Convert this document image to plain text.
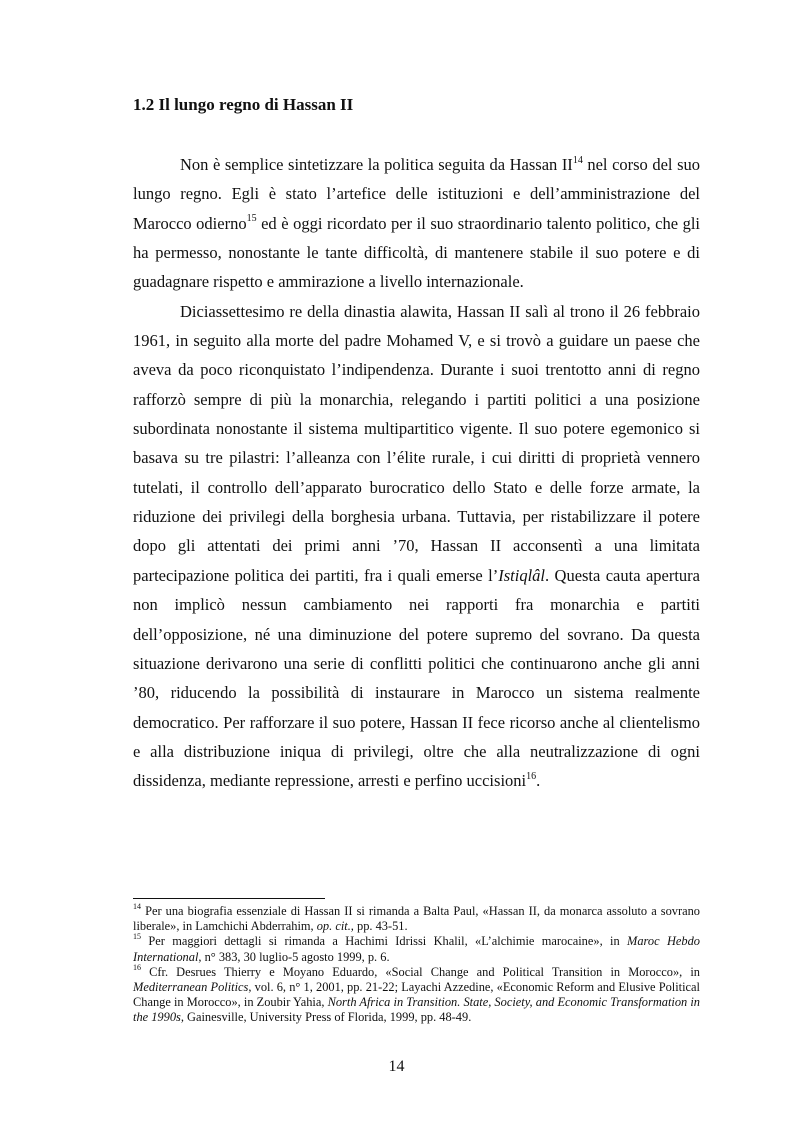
1.2 Il lungo regno di Hassan II

Non è semplice sintetizzare la politica seguita da Hassan II$^{14}$ nel corso del suo lungo regno. Egli è stato l’artefice delle istituzioni e dell’amministrazione del Marocco odierno$^{15}$ ed è oggi ricordato per il suo straordinario talento politico, che gli ha permesso, nonostante le tante difficoltà, di mantenere stabile il suo potere e di guadagnare rispetto e ammirazione a livello internazionale.

Diciassettesimo re della dinastia alawita, Hassan II salì al trono il 26 febbraio 1961, in seguito alla morte del padre Mohamed V, e si trovò a guidare un paese che aveva da poco riconquistato l’indipendenza. Durante i suoi trentotto anni di regno rafforzò sempre di più la monarchia, relegando i partiti politici a una posizione subordinata nonostante il sistema multipartitico vigente. Il suo potere egemonico si basava su tre pilastri: l’alleanza con l’élite rurale, i cui diritti di proprietà vennero tutelati, il controllo dell’apparato burocratico dello Stato e delle forze armate, la riduzione dei privilegi della borghesia urbana. Tuttavia, per ristabilizzare il potere dopo gli attentati dei primi anni ’70, Hassan II acconsentì a una limitata partecipazione politica dei partiti, fra i quali emerse l’Istiqlâl. Questa cauta apertura non implicò nessun cambiamento nei rapporti fra monarchia e partiti dell’opposizione, né una diminuzione del potere supremo del sovrano. Da questa situazione derivarono una serie di conflitti politici che continuarono anche gli anni ’80, riducendo la possibilità di instaurare in Marocco un sistema realmente democratico. Per rafforzare il suo potere, Hassan II fece ricorso anche al clientelismo e alla distribuzione iniqua di privilegi, oltre che alla neutralizzazione di ogni dissidenza, mediante repressione, arresti e perfino uccisioni$^{16}$.

$^{14}$ Per una biografia essenziale di Hassan II si rimanda a Balta Paul, «Hassan II, da monarca assoluto a sovrano liberale», in Lamchichi Abderrahim, op. cit., pp. 43-51.

$^{15}$ Per maggiori dettagli si rimanda a Hachimi Idrissi Khalil, «L’alchimie marocaine», in Maroc Hebdo International, n° 383, 30 luglio-5 agosto 1999, p. 6.

$^{16}$ Cfr. Desrues Thierry e Moyano Eduardo, «Social Change and Political Transition in Morocco», in Mediterranean Politics, vol. 6, n° 1, 2001, pp. 21-22; Layachi Azzedine, «Economic Reform and Elusive Political Change in Morocco», in Zoubir Yahia, North Africa in Transition. State, Society, and Economic Transformation in the 1990s, Gainesville, University Press of Florida, 1999, pp. 48-49.

14
